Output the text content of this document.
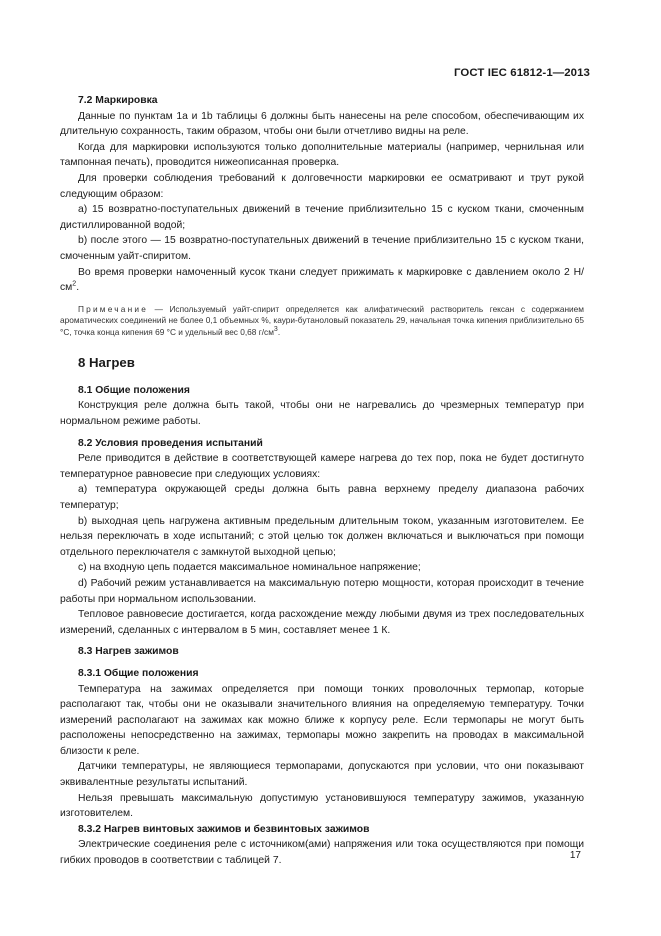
ГОСТ IEC 61812-1—2013
7.2 Маркировка

Данные по пунктам 1a и 1b таблицы 6 должны быть нанесены на реле способом, обеспечивающим их длительную сохранность, таким образом, чтобы они были отчетливо видны на реле.

Когда для маркировки используются только дополнительные материалы (например, чернильная или тампонная печать), проводится нижеописанная проверка.

Для проверки соблюдения требований к долговечности маркировки ее осматривают и трут рукой следующим образом:

a) 15 возвратно-поступательных движений в течение приблизительно 15 с куском ткани, смоченным дистиллированной водой;

b) после этого — 15 возвратно-поступательных движений в течение приблизительно 15 с куском ткани, смоченным уайт-спиритом.

Во время проверки намоченный кусок ткани следует прижимать к маркировке с давлением около 2 $Н/см^2$.

Примечание — Используемый уайт-спирит определяется как алифатический растворитель гексан с содержанием ароматических соединений не более 0,1 объемных %, каури-бутаноловый показатель 29, начальная точка кипения приблизительно 65 °С, точка конца кипения 69 °С и удельный вес 0,68 $г/см^3$.

8 Нагрев
8.1 Общие положения

Конструкция реле должна быть такой, чтобы они не нагревались до чрезмерных температур при нормальном режиме работы.

8.2 Условия проведения испытаний

Реле приводится в действие в соответствующей камере нагрева до тех пор, пока не будет достигнуто температурное равновесие при следующих условиях:

a) температура окружающей среды должна быть равна верхнему пределу диапазона рабочих температур;

b) выходная цепь нагружена активным предельным длительным током, указанным изготовителем. Ее нельзя переключать в ходе испытаний; с этой целью ток должен включаться и выключаться при помощи отдельного переключателя с замкнутой выходной цепью;

c) на входную цепь подается максимальное номинальное напряжение;

d) Рабочий режим устанавливается на максимальную потерю мощности, которая происходит в течение работы при нормальном использовании.

Тепловое равновесие достигается, когда расхождение между любыми двумя из трех последовательных измерений, сделанных с интервалом в 5 мин, составляет менее 1 К.

8.3 Нагрев зажимов
8.3.1 Общие положения

Температура на зажимах определяется при помощи тонких проволочных термопар, которые располагают так, чтобы они не оказывали значительного влияния на определяемую температуру. Точки измерений располагают на зажимах как можно ближе к корпусу реле. Если термопары не могут быть расположены непосредственно на зажимах, термопары можно закрепить на проводах в максимальной близости к реле.

Датчики температуры, не являющиеся термопарами, допускаются при условии, что они показывают эквивалентные результаты испытаний.

Нельзя превышать максимальную допустимую установившуюся температуру зажимов, указанную изготовителем.

8.3.2 Нагрев винтовых зажимов и безвинтовых зажимов

Электрические соединения реле с источником(ами) напряжения или тока осуществляются при помощи гибких проводов в соответствии с таблицей 7.	17
